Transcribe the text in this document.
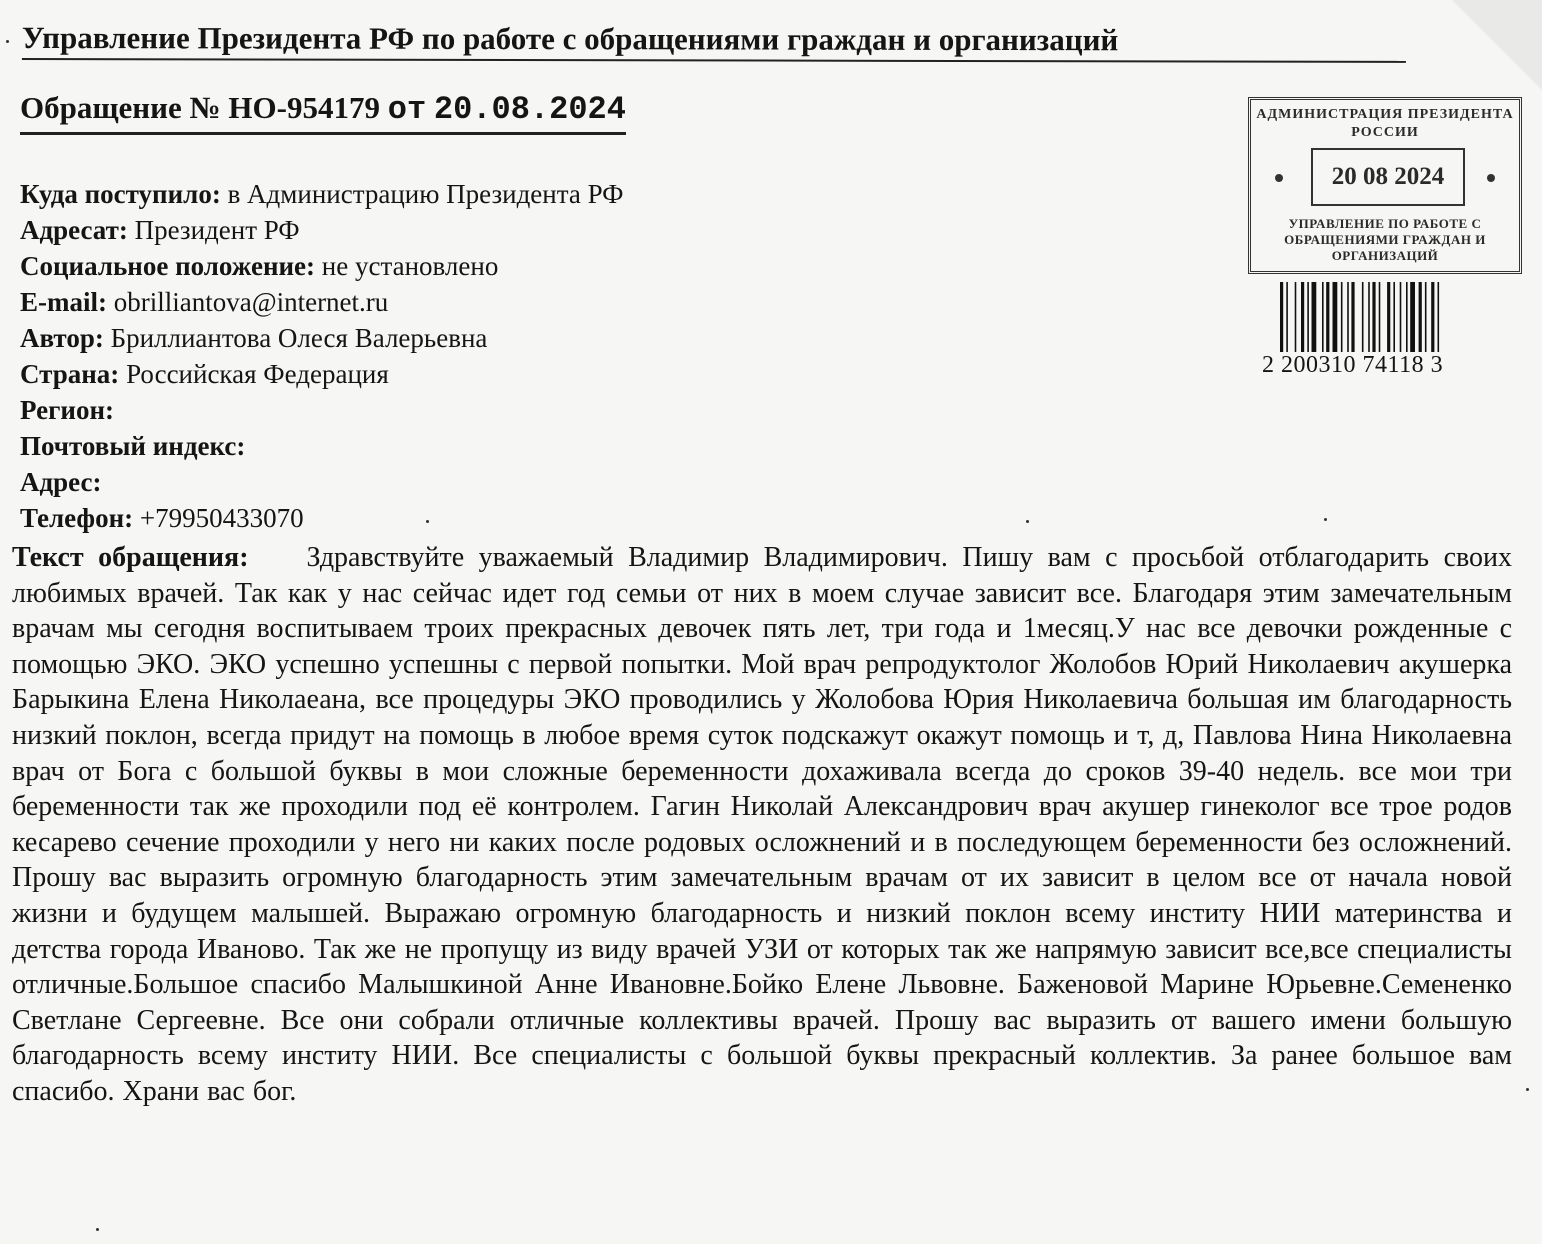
Управление Президента РФ по работе с обращениями граждан и организаций
Обращение № НО-954179 от 20.08.2024
Куда поступило: в Администрацию Президента РФ
Адресат: Президент РФ
Социальное положение: не установлено
E-mail: obrilliantova@internet.ru
Автор: Бриллиантова Олеся Валерьевна
Страна: Российская Федерация
Регион:
Почтовый индекс:
Адрес:
Телефон: +79950433070
АДМИНИСТРАЦИЯ ПРЕЗИДЕНТА РОССИИ
20 08 2024
УПРАВЛЕНИЕ ПО РАБОТЕ С ОБРАЩЕНИЯМИ ГРАЖДАН И ОРГАНИЗАЦИЙ
2 200310 74118 3
Текст обращения: Здравствуйте уважаемый Владимир Владимирович. Пишу вам с просьбой отблагодарить своих любимых врачей. Так как у нас сейчас идет год семьи от них в моем случае зависит все. Благодаря этим замечательным врачам мы сегодня воспитываем троих прекрасных девочек пять лет, три года и 1месяц.У нас все девочки рожденные с помощью ЭКО. ЭКО успешно успешны с первой попытки. Мой врач репродуктолог Жолобов Юрий Николаевич акушерка Барыкина Елена Николаеана, все процедуры ЭКО проводились у Жолобова Юрия Николаевича большая им благодарность низкий поклон, всегда придут на помощь в любое время суток подскажут окажут помощь и т, д, Павлова Нина Николаевна врач от Бога с большой буквы в мои сложные беременности дохаживала всегда до сроков 39-40 недель. все мои три беременности так же проходили под её контролем. Гагин Николай Александрович врач акушер гинеколог все трое родов кесарево сечение проходили у него ни каких после родовых осложнений и в последующем беременности без осложнений. Прошу вас выразить огромную благодарность этим замечательным врачам от их зависит в целом все от начала новой жизни и будущем малышей. Выражаю огромную благодарность и низкий поклон всему институ НИИ материнства и детства города Иваново. Так же не пропущу из виду врачей УЗИ от которых так же напрямую зависит все,все специалисты отличные.Большое спасибо Малышкиной Анне Ивановне.Бойко Елене Львовне. Баженовой Марине Юрьевне.Семененко Светлане Сергеевне. Все они собрали отличные коллективы врачей. Прошу вас выразить от вашего имени большую благодарность всему институ НИИ. Все специалисты с большой буквы прекрасный коллектив. За ранее большое вам спасибо. Храни вас бог.
